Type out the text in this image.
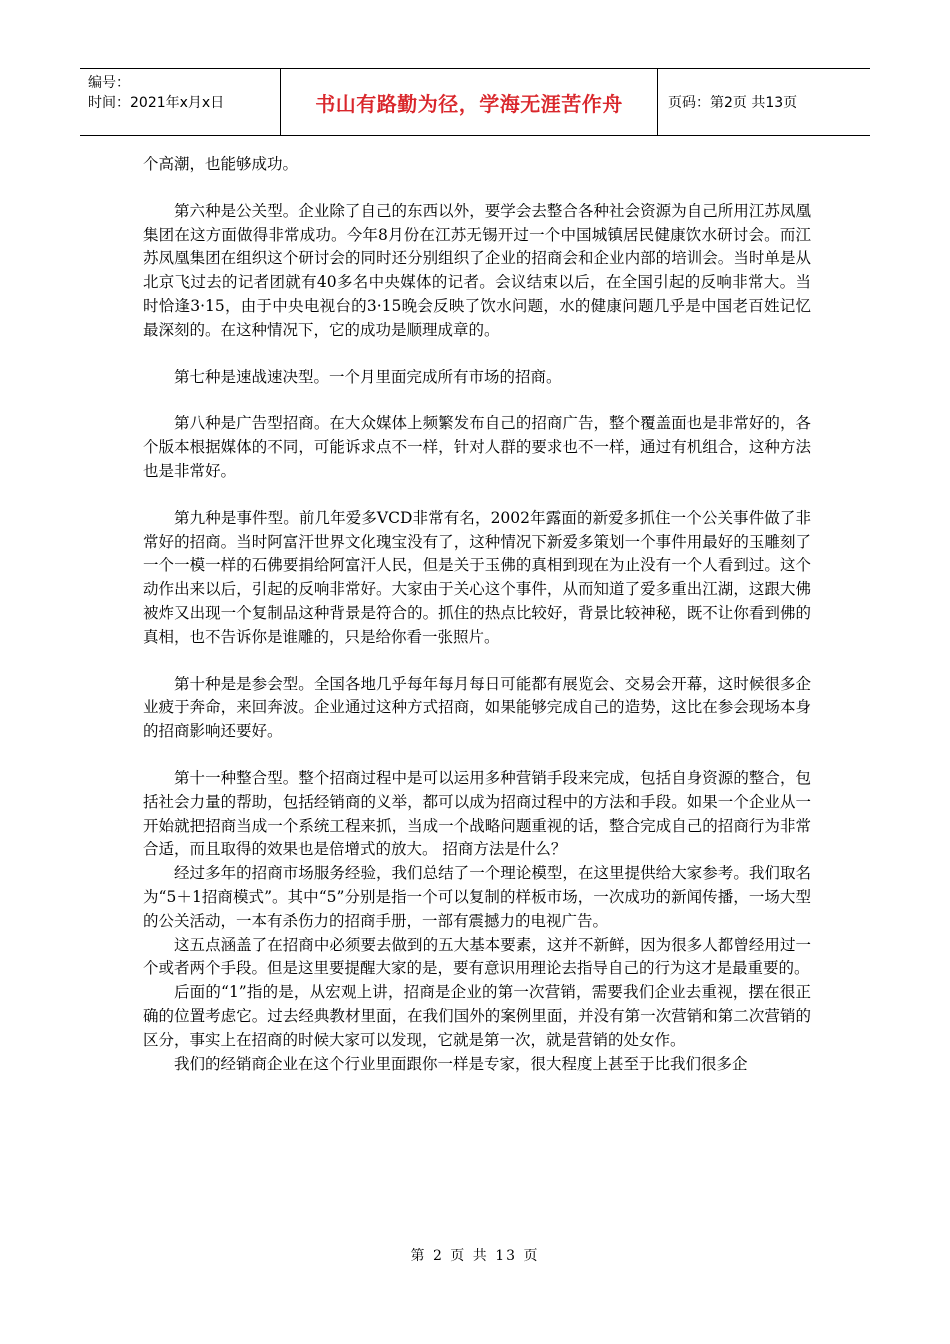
编号：
时间：2021年x月x日	书山有路勤为径，学海无涯苦作舟	页码：第2页 共13页

个高潮，也能够成功。

第六种是公关型。企业除了自己的东西以外，要学会去整合各种社会资源为自己所用江苏凤凰集团在这方面做得非常成功。今年8月份在江苏无锡开过一个中国城镇居民健康饮水研讨会。而江苏凤凰集团在组织这个研讨会的同时还分别组织了企业的招商会和企业内部的培训会。当时单是从北京飞过去的记者团就有40多名中央媒体的记者。会议结束以后，在全国引起的反响非常大。当时恰逢3·15，由于中央电视台的3·15晚会反映了饮水问题，水的健康问题几乎是中国老百姓记忆最深刻的。在这种情况下，它的成功是顺理成章的。

第七种是速战速决型。一个月里面完成所有市场的招商。

第八种是广告型招商。在大众媒体上频繁发布自己的招商广告，整个覆盖面也是非常好的，各个版本根据媒体的不同，可能诉求点不一样，针对人群的要求也不一样，通过有机组合，这种方法也是非常好。

第九种是事件型。前几年爱多VCD非常有名，2002年露面的新爱多抓住一个公关事件做了非常好的招商。当时阿富汗世界文化瑰宝没有了，这种情况下新爱多策划一个事件用最好的玉雕刻了一个一模一样的石佛要捐给阿富汗人民，但是关于玉佛的真相到现在为止没有一个人看到过。这个动作出来以后，引起的反响非常好。大家由于关心这个事件，从而知道了爱多重出江湖，这跟大佛被炸又出现一个复制品这种背景是符合的。抓住的热点比较好，背景比较神秘，既不让你看到佛的真相，也不告诉你是谁雕的，只是给你看一张照片。

第十种是是参会型。全国各地几乎每年每月每日可能都有展览会、交易会开幕，这时候很多企业疲于奔命，来回奔波。企业通过这种方式招商，如果能够完成自己的造势，这比在参会现场本身的招商影响还要好。

第十一种整合型。整个招商过程中是可以运用多种营销手段来完成，包括自身资源的整合，包括社会力量的帮助，包括经销商的义举，都可以成为招商过程中的方法和手段。如果一个企业从一开始就把招商当成一个系统工程来抓，当成一个战略问题重视的话，整合完成自己的招商行为非常合适，而且取得的效果也是倍增式的放大。 招商方法是什么？

经过多年的招商市场服务经验，我们总结了一个理论模型，在这里提供给大家参考。我们取名为“5＋1招商模式”。其中“5”分别是指一个可以复制的样板市场，一次成功的新闻传播，一场大型的公关活动，一本有杀伤力的招商手册，一部有震撼力的电视广告。

这五点涵盖了在招商中必须要去做到的五大基本要素，这并不新鲜，因为很多人都曾经用过一个或者两个手段。但是这里要提醒大家的是，要有意识用理论去指导自己的行为这才是最重要的。

后面的“1”指的是，从宏观上讲，招商是企业的第一次营销，需要我们企业去重视，摆在很正确的位置考虑它。过去经典教材里面，在我们国外的案例里面，并没有第一次营销和第二次营销的区分，事实上在招商的时候大家可以发现，它就是第一次，就是营销的处女作。

我们的经销商企业在这个行业里面跟你一样是专家，很大程度上甚至于比我们很多企

第 2 页 共 13 页
